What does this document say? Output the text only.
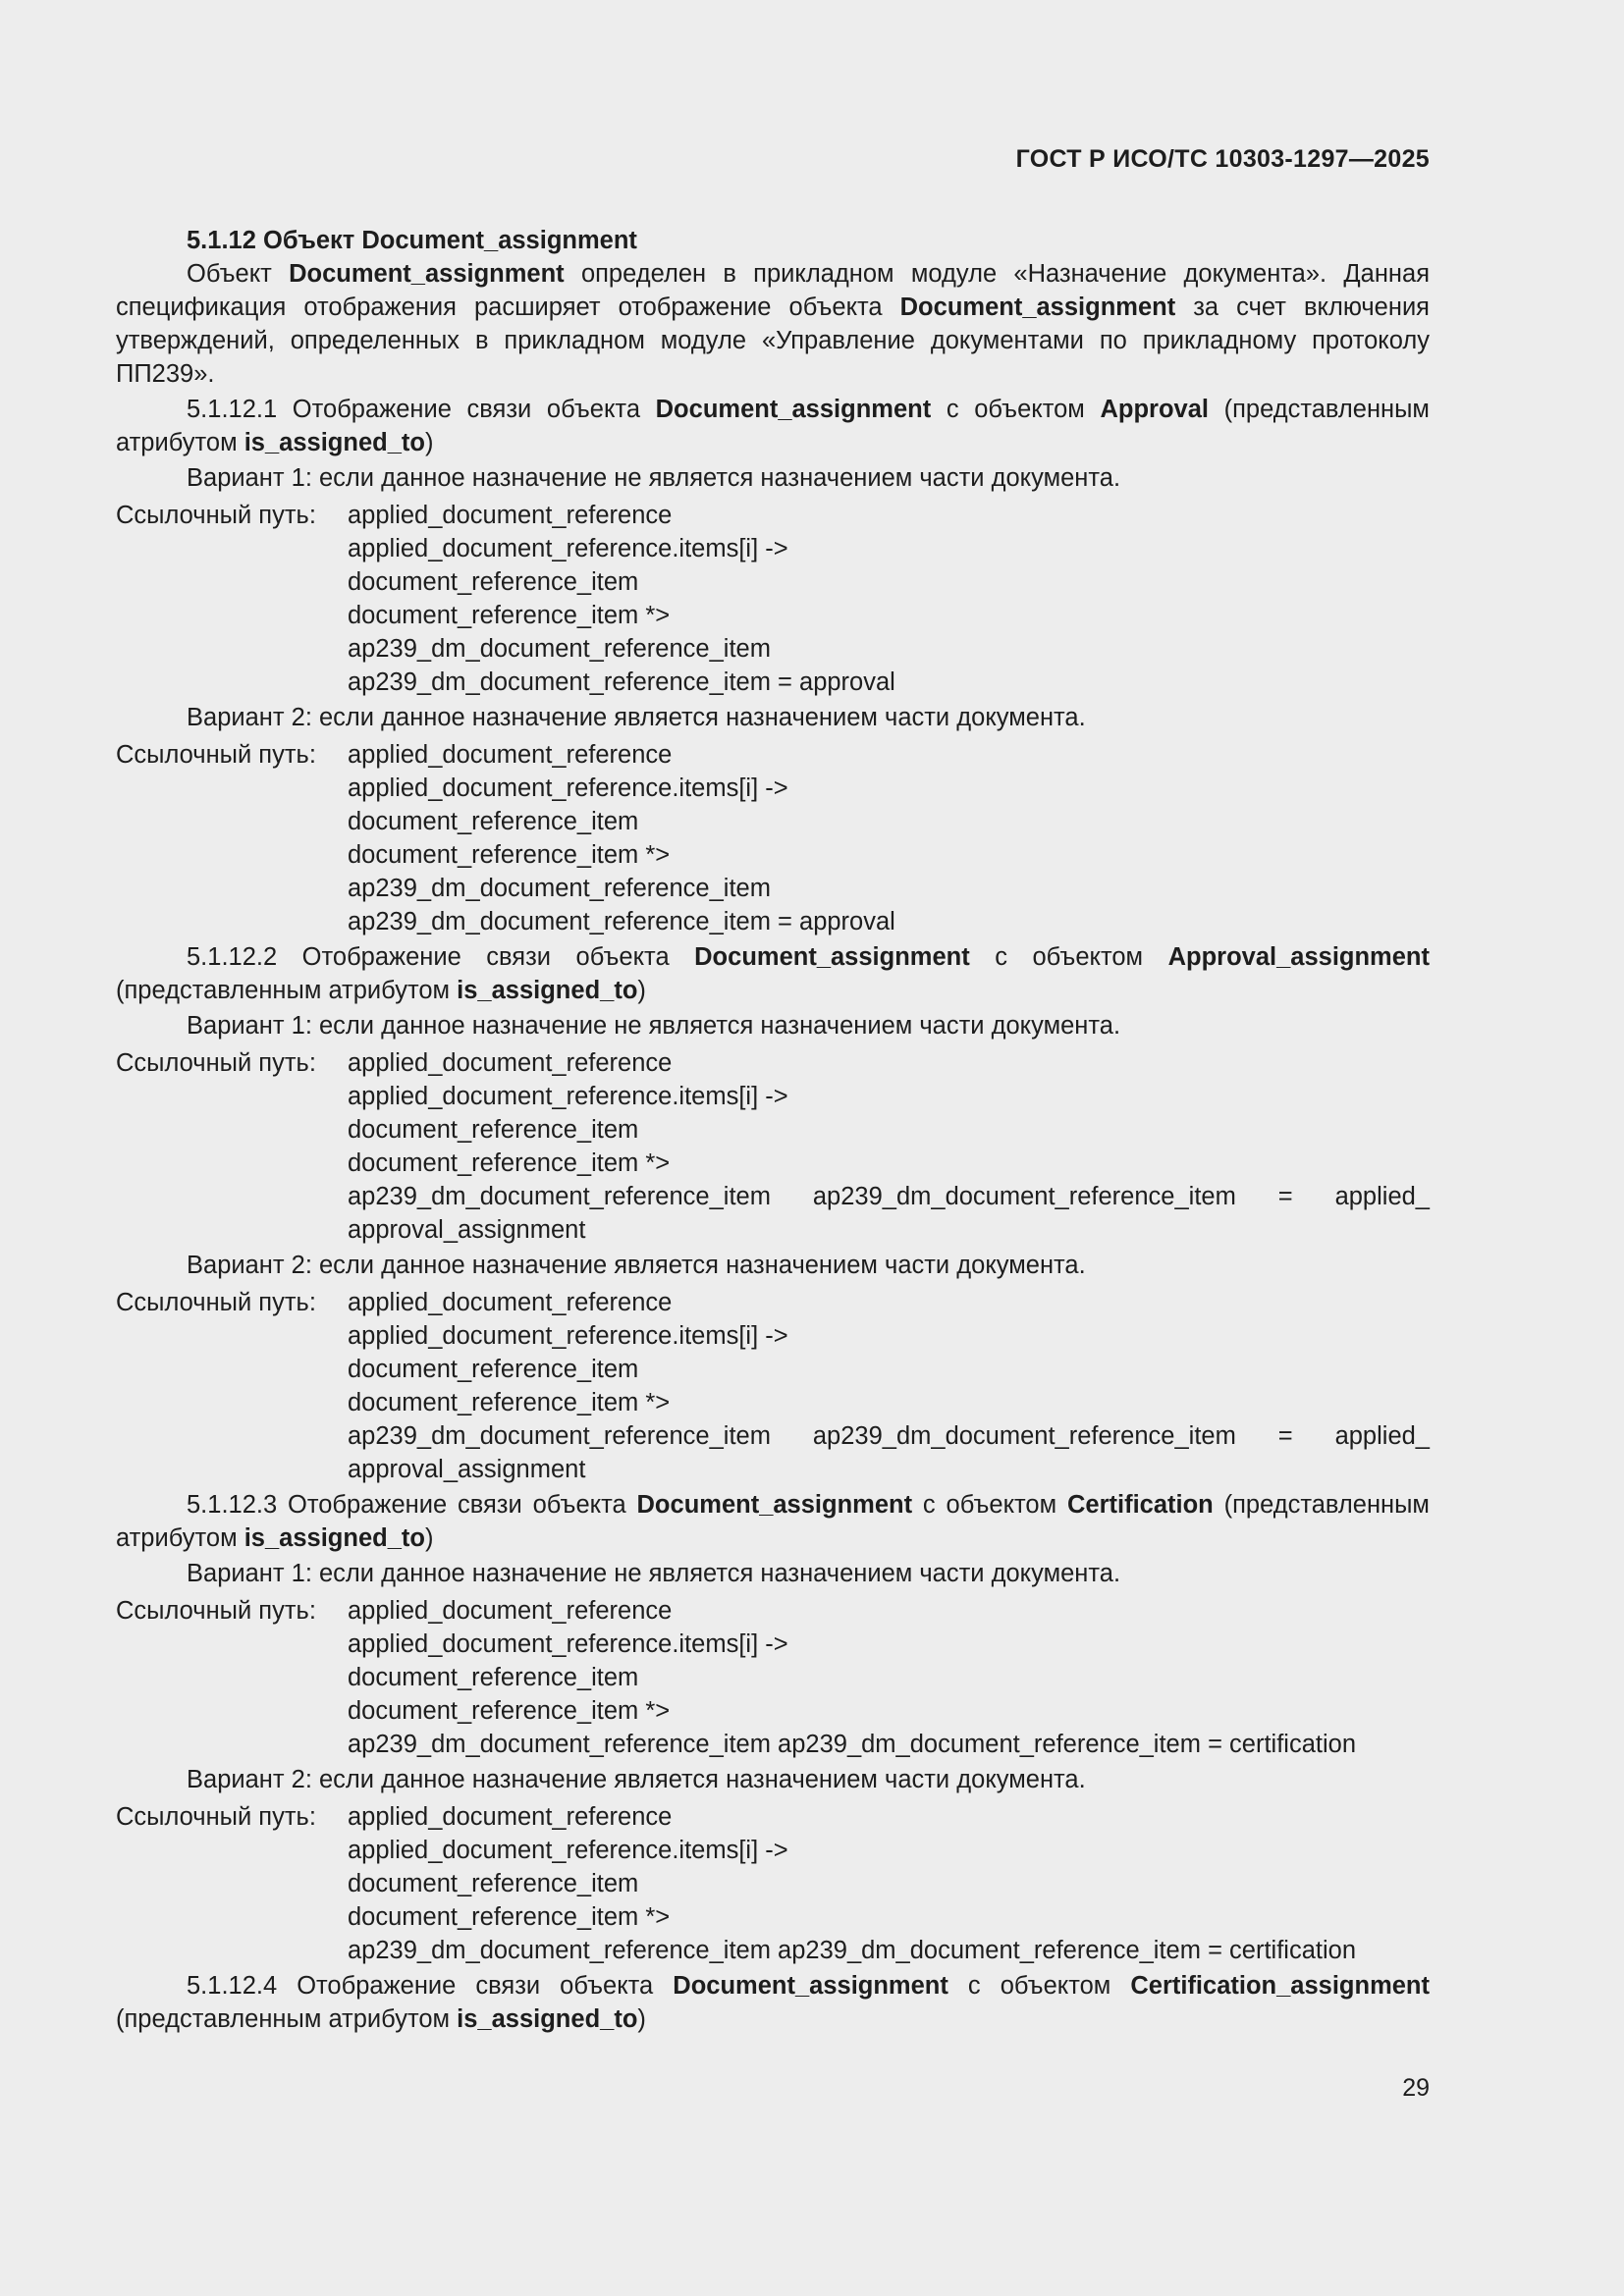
ГОСТ Р ИСО/ТС 10303-1297—2025

5.1.12 Объект Document_assignment

Объект Document_assignment определен в прикладном модуле «Назначение документа». Данная спецификация отображения расширяет отображение объекта Document_assignment за счет включения утверждений, определенных в прикладном модуле «Управление документами по прикладному протоколу ПП239».

5.1.12.1 Отображение связи объекта Document_assignment с объектом Approval (представленным атрибутом is_assigned_to)

Вариант 1: если данное назначение не является назначением части документа.
Ссылочный путь:	applied_document_reference
applied_document_reference.items[i] ->
document_reference_item
document_reference_item *>
ap239_dm_document_reference_item
ap239_dm_document_reference_item = approval
Вариант 2: если данное назначение является назначением части документа.
Ссылочный путь:	applied_document_reference
applied_document_reference.items[i] ->
document_reference_item
document_reference_item *>
ap239_dm_document_reference_item
ap239_dm_document_reference_item = approval

5.1.12.2 Отображение связи объекта Document_assignment с объектом Approval_assignment (представленным атрибутом is_assigned_to)

Вариант 1: если данное назначение не является назначением части документа.
Ссылочный путь:	applied_document_reference
applied_document_reference.items[i] ->
document_reference_item
document_reference_item *>
ap239_dm_document_reference_item ap239_dm_document_reference_item = applied_
approval_assignment
Вариант 2: если данное назначение является назначением части документа.
Ссылочный путь:	applied_document_reference
applied_document_reference.items[i] ->
document_reference_item
document_reference_item *>
ap239_dm_document_reference_item ap239_dm_document_reference_item = applied_
approval_assignment

5.1.12.3 Отображение связи объекта Document_assignment с объектом Certification (представленным атрибутом is_assigned_to)

Вариант 1: если данное назначение не является назначением части документа.
Ссылочный путь:	applied_document_reference
applied_document_reference.items[i] ->
document_reference_item
document_reference_item *>
ap239_dm_document_reference_item ap239_dm_document_reference_item = certification
Вариант 2: если данное назначение является назначением части документа.
Ссылочный путь:	applied_document_reference
applied_document_reference.items[i] ->
document_reference_item
document_reference_item *>
ap239_dm_document_reference_item ap239_dm_document_reference_item = certification

5.1.12.4 Отображение связи объекта Document_assignment с объектом Certification_assignment (представленным атрибутом is_assigned_to)

29
